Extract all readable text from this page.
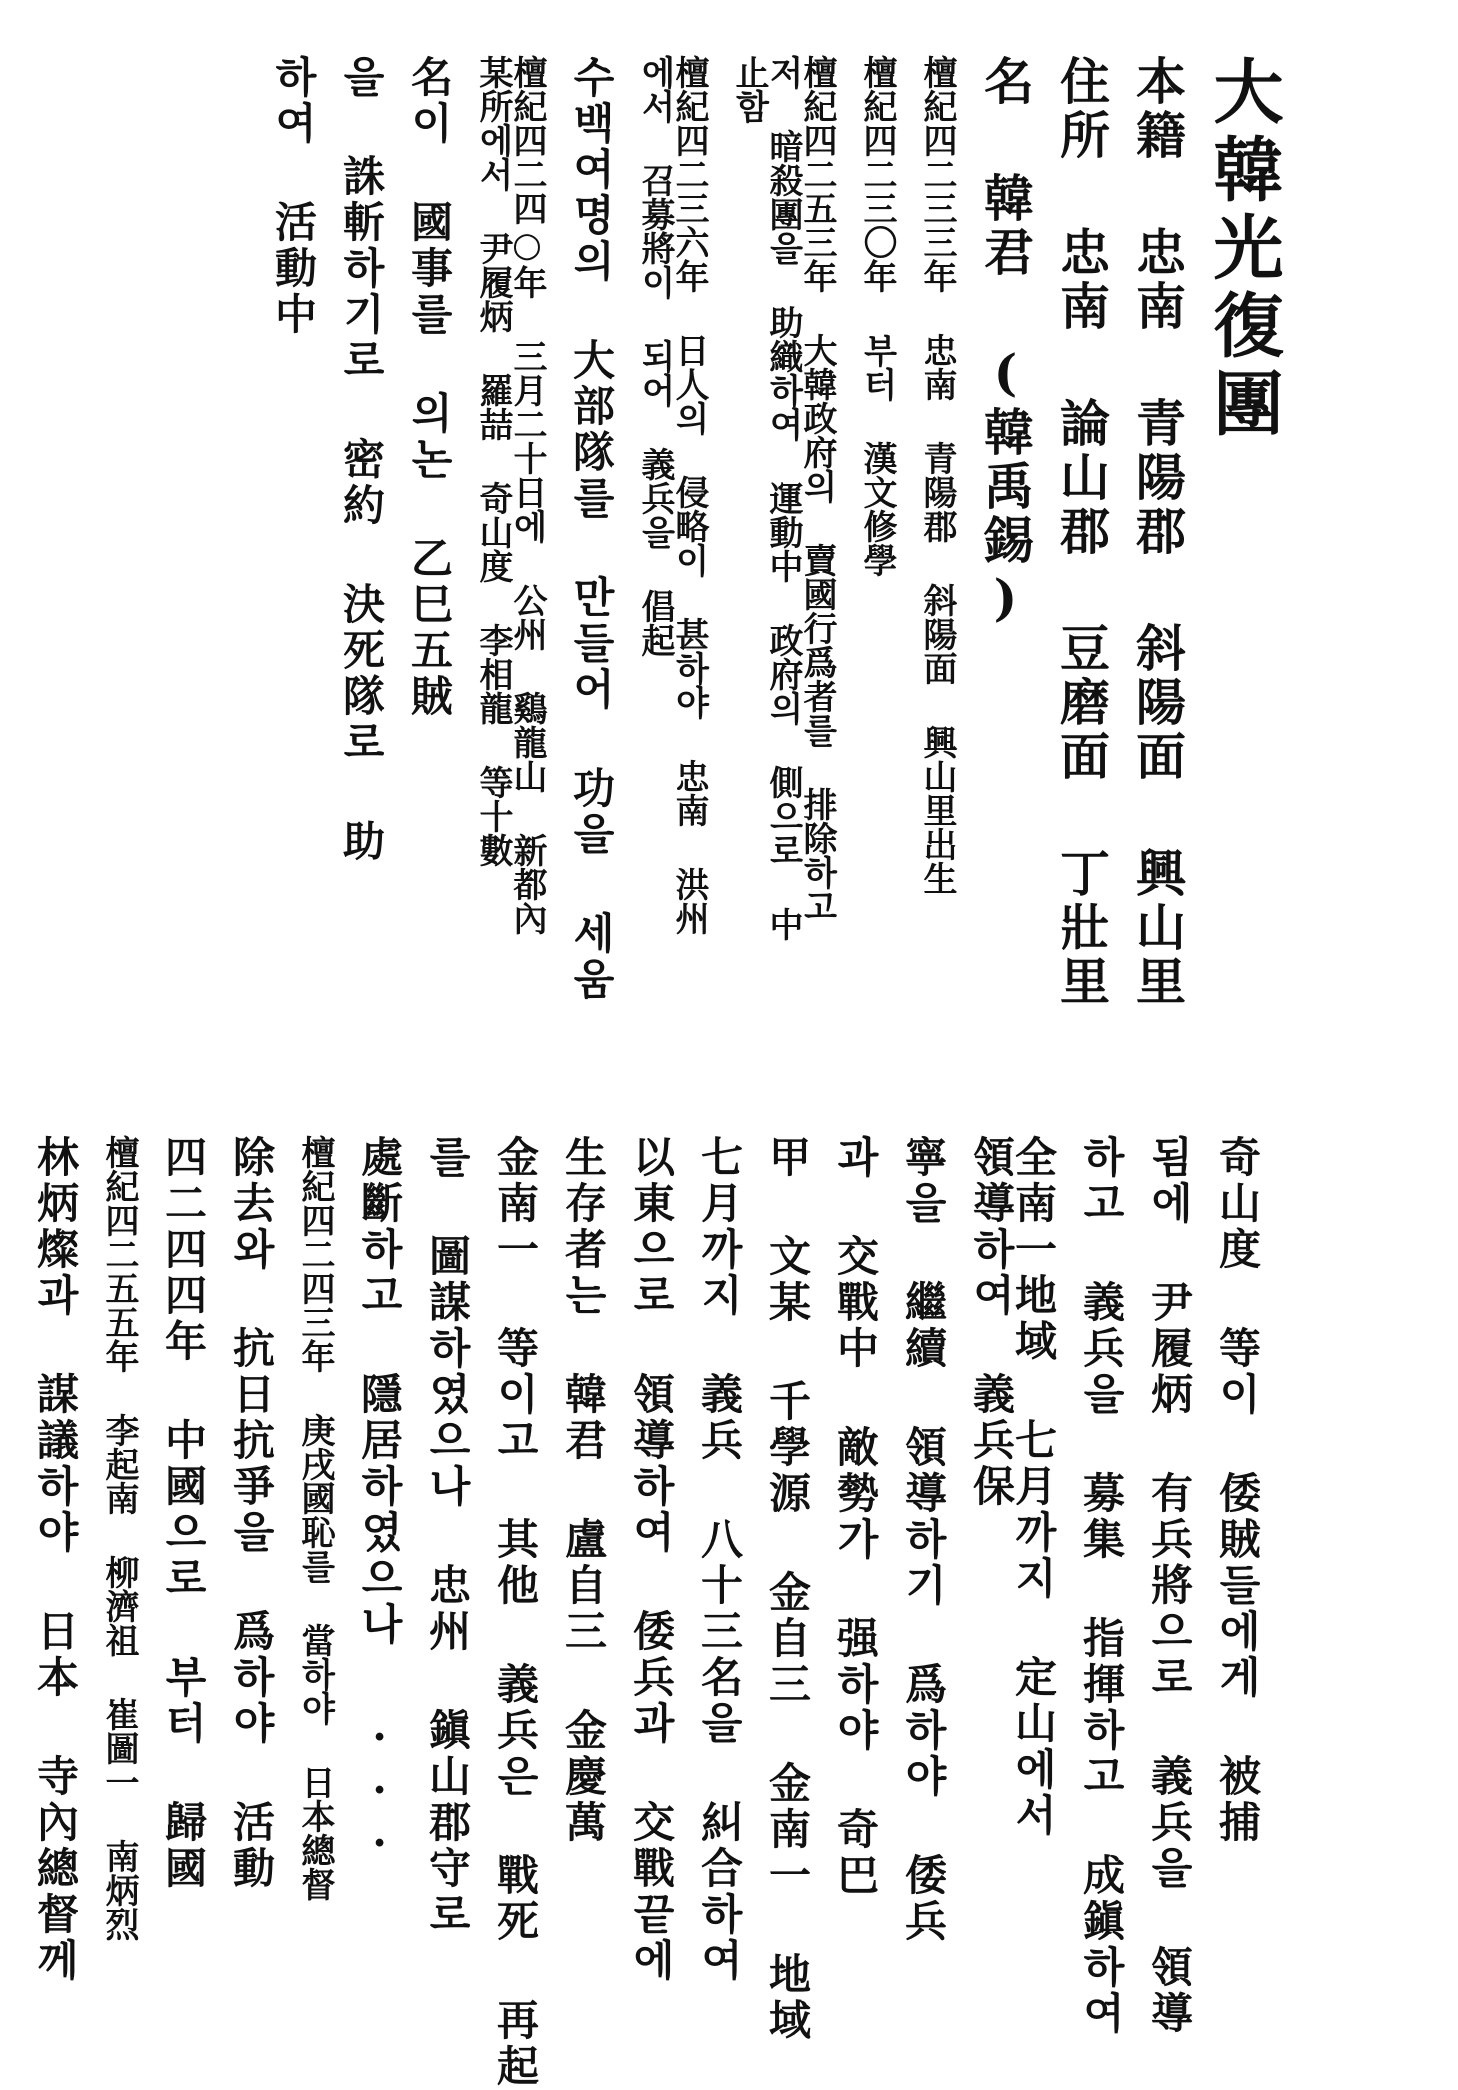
大韓光復團
本籍 忠南 青陽郡 斜陽面 興山里
住所 忠南 論山郡 豆磨面 丁壯里
名 韓君 (韓禹錫)
檀紀四二三三年 忠南 青陽郡 斜陽面 興山里出生
檀紀四二三〇年 부터 漢文修學
檀紀四二五三年 大韓政府의 賣國行爲者를 排除하고저 暗殺團을 助織하여 運動中 政府의 側으로 中止함
檀紀四二三六年 日人의 侵略이 甚하야 忠南 洪州에서 召募將이 되어 義兵을 倡起
수백여명의 大部隊를 만들어 功을 세움
檀紀四二四○年 三月二十日에 公州 鷄龍山 新都內 某所에서 尹履炳 羅喆 奇山度 李相龍 等十數
名이 國事를 의논 乙巳五賊
을 誅斬하기로 密約 決死隊로 助
하여 活動中
奇山度 等이 倭賊들에게 被捕
됨에 尹履炳 有兵將으로 義兵을 領導
하고 義兵을 募集 指揮하고 成鎭하여
全南一地域 七月까지 定山에서 領導하여 義兵保
寧을 繼續 領導하기 爲하야 倭兵
과 交戰中 敵勢가 强하야 奇巴
甲 文某 千學源 金自三 金南一 地域
七月까지 義兵 八十三名을 糾合하여
以東으로 領導하여 倭兵과 交戰끝에
生存者는 韓君 盧自三 金慶萬
金南一 等이고 其他 義兵은 戰死 再起
를 圖謀하였으나 忠州 鎭山郡守로
處斷하고 隱居하였으나 ...
檀紀四二四三年 庚戌國恥를 當하야 日本總督
除去와 抗日抗爭을 爲하야 活動
四二四四年 中國으로 부터 歸國
檀紀四二五五年 李起南 柳濟祖 崔圖一 南炳烈
林炳燦과 謀議하야 日本 寺內總督께
